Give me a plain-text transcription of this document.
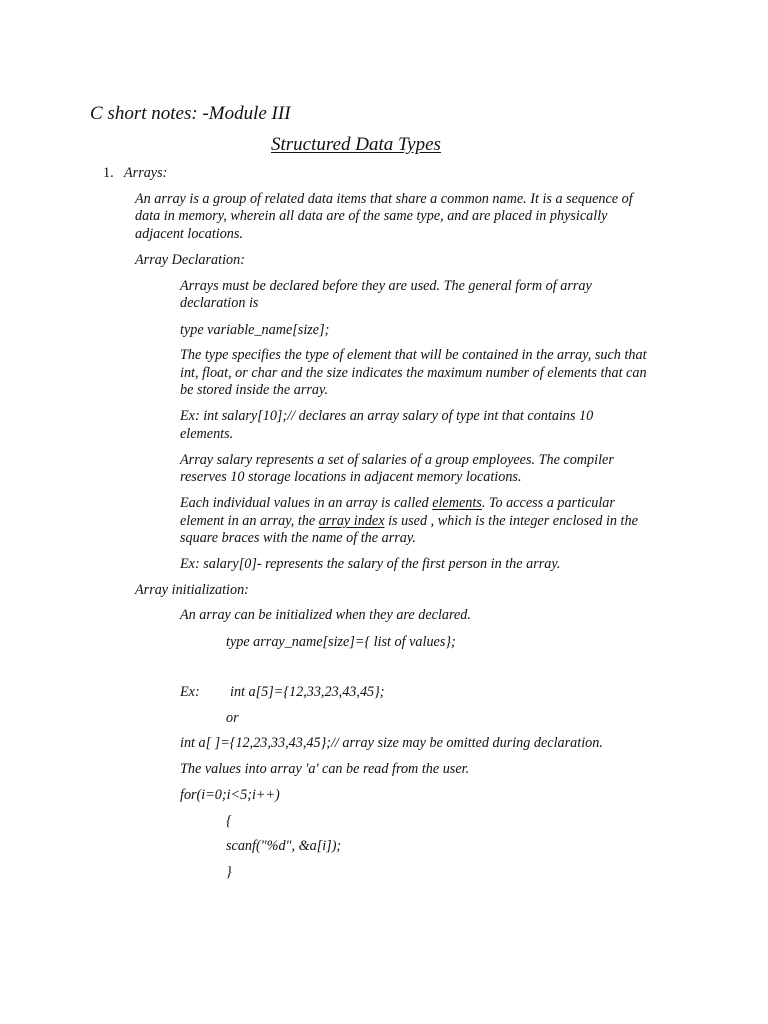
C short notes: -Module III
Structured Data Types
1. Arrays:
An array is a group of related data items that share a common name. It is a sequence of
data in memory, wherein all data are of the same type, and are placed in physically
adjacent locations.
Array Declaration:
Arrays must be declared before they are used. The general form of array
declaration is
type variable_name[size];
The type specifies the type of element that will be contained in the array, such that
int, float, or char and the size indicates the maximum number of elements that can
be stored inside the array.
Ex: int salary[10];// declares an array salary of type int that contains 10
elements.
Array salary represents a set of salaries of a group employees. The compiler
reserves 10 storage locations in adjacent memory locations.
Each individual values in an array is called elements. To access a particular
element in an array, the array index is used , which is the integer enclosed in the
square braces with the name of the array.
Ex: salary[0]- represents the salary of the first person in the array.
Array initialization:
An array can be initialized when they are declared.
type array_name[size]={ list of values};
Ex: int a[5]={12,33,23,43,45};
or
int a[ ]={12,23,33,43,45};// array size may be omitted during declaration.
The values into array 'a' can be read from the user.
for(i=0;i<5;i++)
{
scanf("%d", &a[i]);
}
